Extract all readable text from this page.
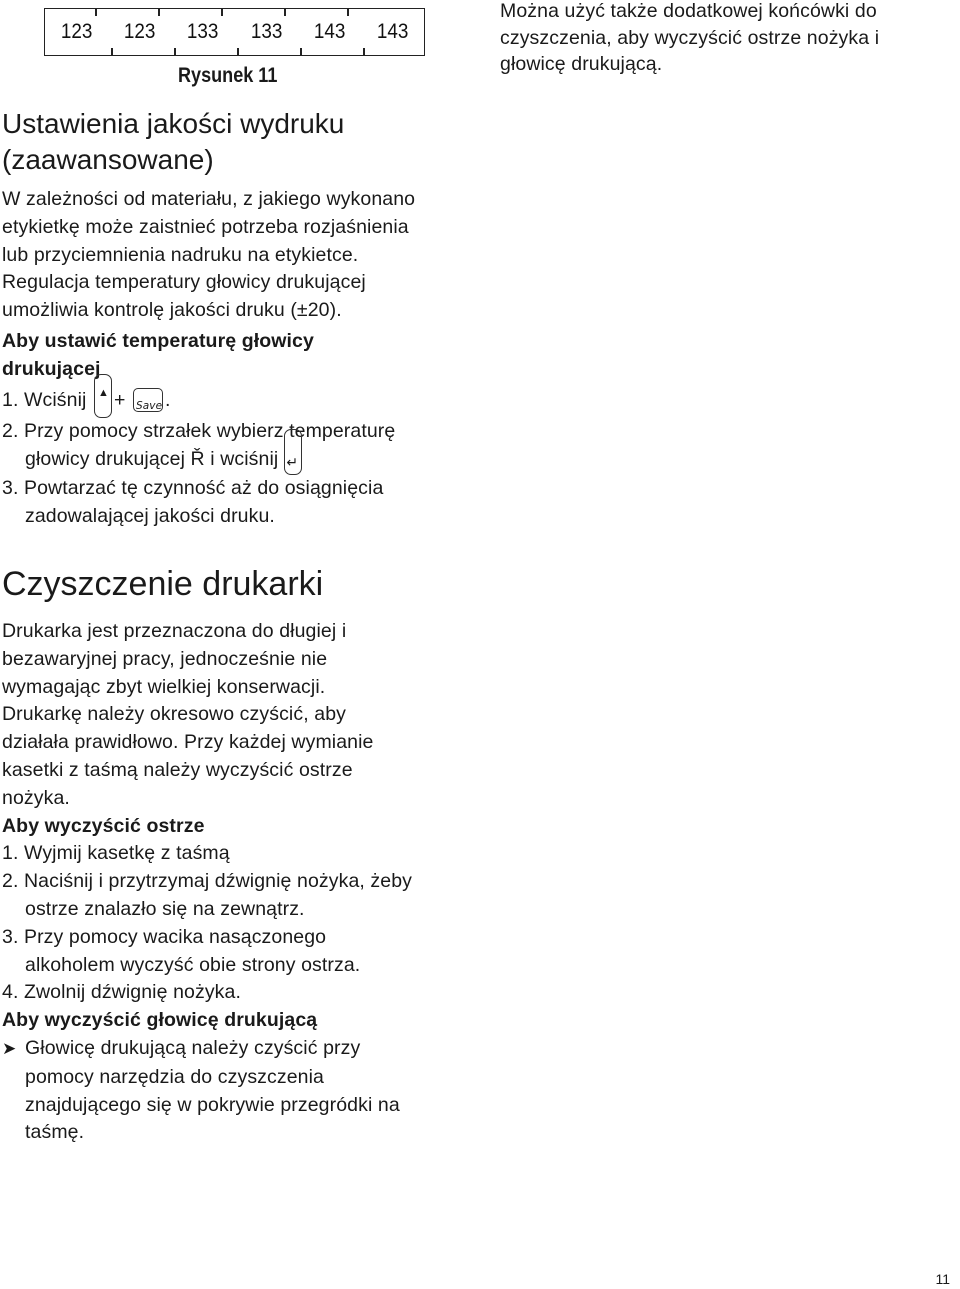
123	123	133	133	143	143
Rysunek 11
Można użyć także dodatkowej końcówki do
czyszczenia, aby wyczyścić ostrze nożyka i
głowicę drukującą.
Ustawienia jakości wydruku
(zaawansowane)
W zależności od materiału, z jakiego wykonano
etykietkę może zaistnieć potrzeba rozjaśnienia
lub przyciemnienia nadruku na etykietce.
Regulacja temperatury głowicy drukującej
umożliwia kontrolę jakości druku (±20).
Aby ustawić temperaturę głowicy
drukującej
1. Wciśnij ▲ + Save .
2. Przy pomocy strzałek wybierz temperaturę
głowicy drukującej Ř i wciśnij ↵
3. Powtarzać tę czynność aż do osiągnięcia
zadowalającej jakości druku.
Czyszczenie drukarki
Drukarka jest przeznaczona do długiej i
bezawaryjnej pracy, jednocześnie nie
wymagając zbyt wielkiej konserwacji.
Drukarkę należy okresowo czyścić, aby
działała prawidłowo. Przy każdej wymianie
kasetki z taśmą należy wyczyścić ostrze
nożyka.
Aby wyczyścić ostrze
1. Wyjmij kasetkę z taśmą
2. Naciśnij i przytrzymaj dźwignię nożyka, żeby
ostrze znalazło się na zewnątrz.
3. Przy pomocy wacika nasączonego
alkoholem wyczyść obie strony ostrza.
4. Zwolnij dźwignię nożyka.
Aby wyczyścić głowicę drukującą
➤ Głowicę drukującą należy czyścić przy
pomocy narzędzia do czyszczenia
znajdującego się w pokrywie przegródki na
taśmę.
11
